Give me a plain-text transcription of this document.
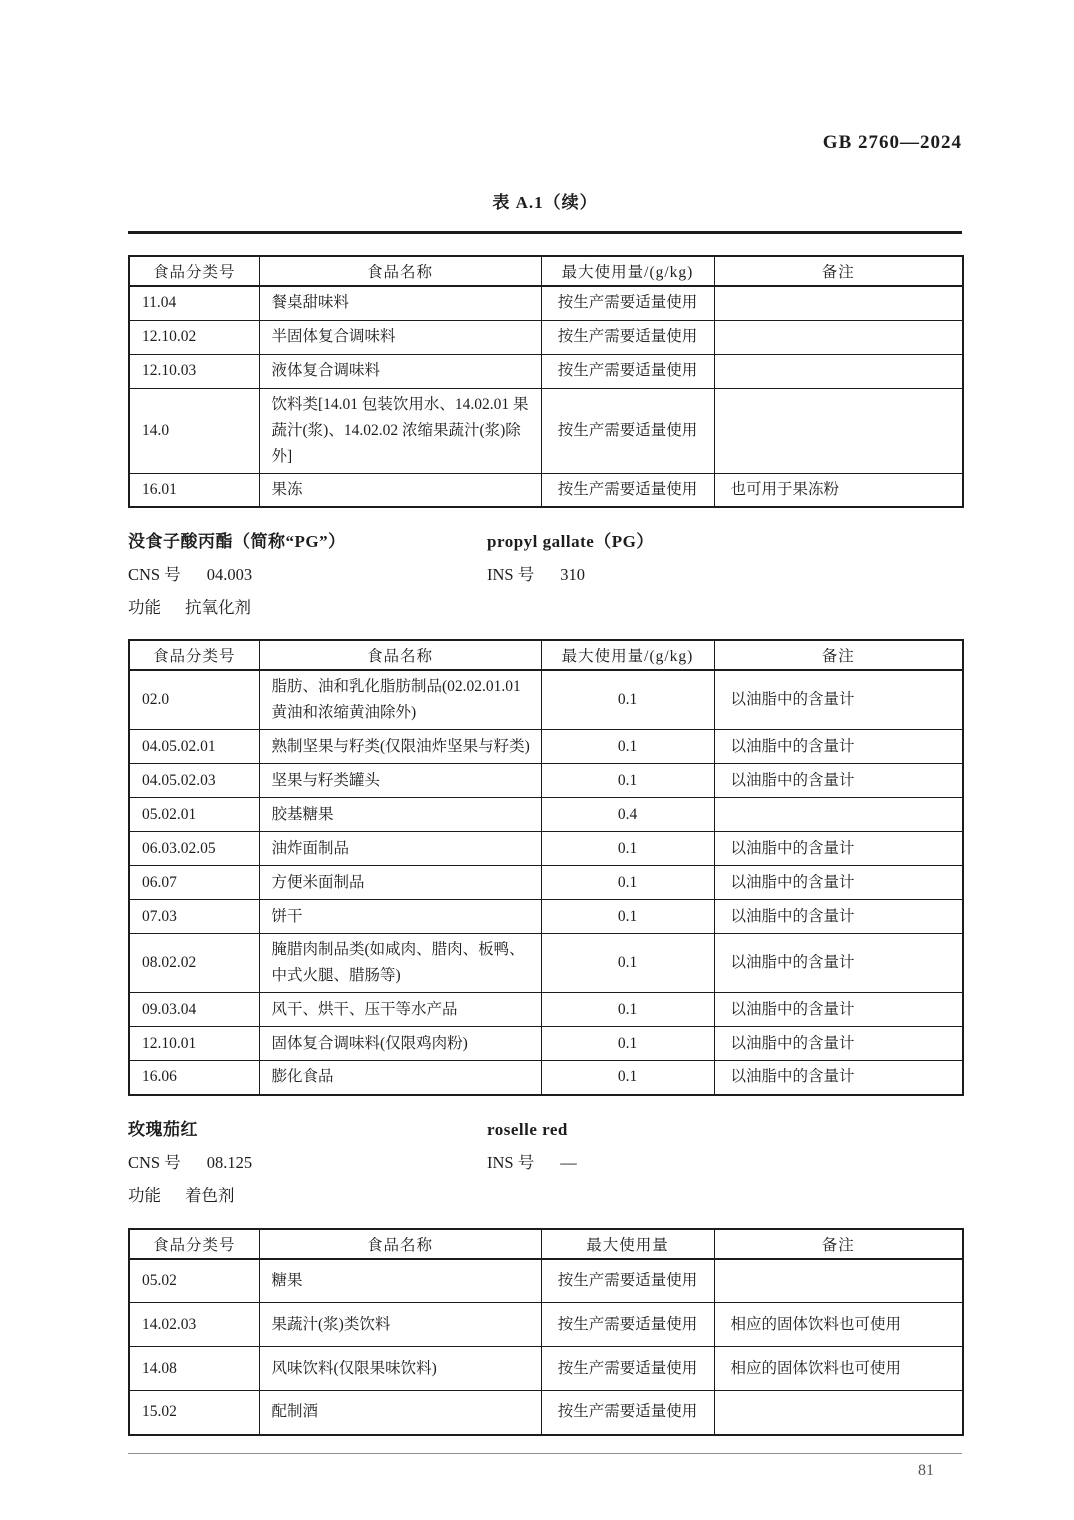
GB 2760—2024
表 A.1（续）
食品分类号	食品名称	最大使用量/(g/kg)	备注
11.04	餐桌甜味料	按生产需要适量使用	
12.10.02	半固体复合调味料	按生产需要适量使用	
12.10.03	液体复合调味料	按生产需要适量使用	
14.0	饮料类[14.01 包装饮用水、14.02.01 果蔬汁(浆)、14.02.02 浓缩果蔬汁(浆)除外]	按生产需要适量使用	
16.01	果冻	按生产需要适量使用	也可用于果冻粉
没食子酸丙酯（简称“PG”）	propyl gallate（PG）
CNS 号 04.003	INS 号 310
功能 抗氧化剂
食品分类号	食品名称	最大使用量/(g/kg)	备注
02.0	脂肪、油和乳化脂肪制品(02.02.01.01 黄油和浓缩黄油除外)	0.1	以油脂中的含量计
04.05.02.01	熟制坚果与籽类(仅限油炸坚果与籽类)	0.1	以油脂中的含量计
04.05.02.03	坚果与籽类罐头	0.1	以油脂中的含量计
05.02.01	胶基糖果	0.4	
06.03.02.05	油炸面制品	0.1	以油脂中的含量计
06.07	方便米面制品	0.1	以油脂中的含量计
07.03	饼干	0.1	以油脂中的含量计
08.02.02	腌腊肉制品类(如咸肉、腊肉、板鸭、中式火腿、腊肠等)	0.1	以油脂中的含量计
09.03.04	风干、烘干、压干等水产品	0.1	以油脂中的含量计
12.10.01	固体复合调味料(仅限鸡肉粉)	0.1	以油脂中的含量计
16.06	膨化食品	0.1	以油脂中的含量计
玫瑰茄红	roselle red
CNS 号 08.125	INS 号 —
功能 着色剂
食品分类号	食品名称	最大使用量	备注
05.02	糖果	按生产需要适量使用	
14.02.03	果蔬汁(浆)类饮料	按生产需要适量使用	相应的固体饮料也可使用
14.08	风味饮料(仅限果味饮料)	按生产需要适量使用	相应的固体饮料也可使用
15.02	配制酒	按生产需要适量使用	
81
